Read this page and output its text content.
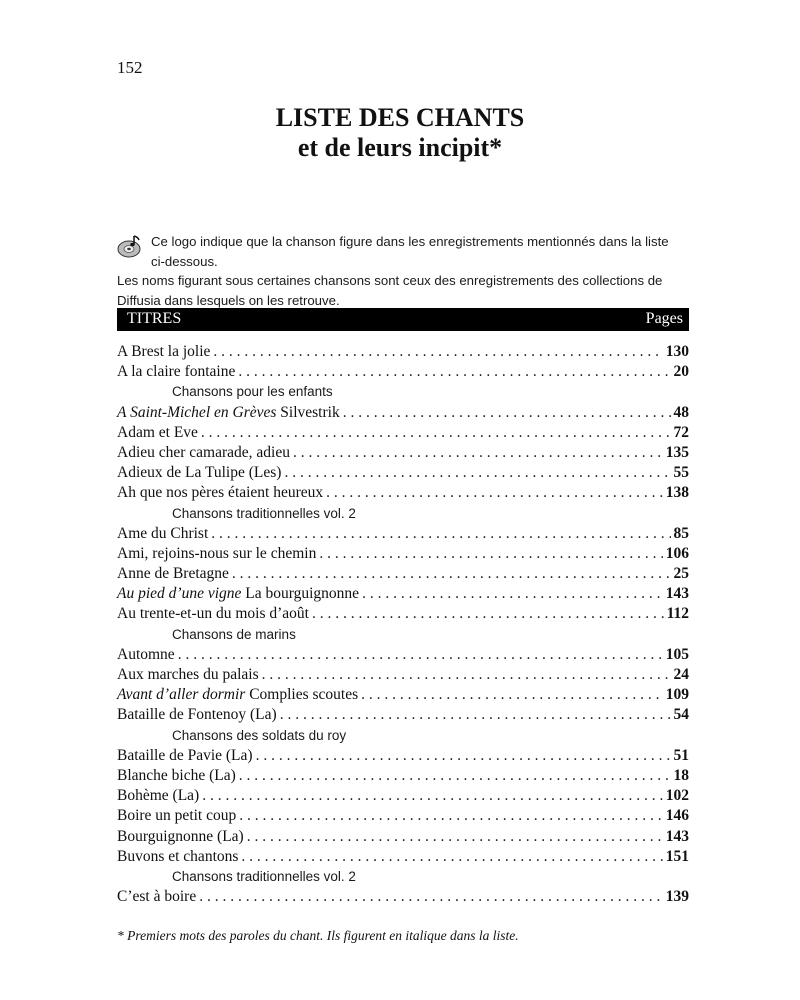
152
LISTE DES CHANTS
et de leurs incipit*
Ce logo indique que la chanson figure dans les enregistrements mentionnés dans la liste
ci-dessous.
Les noms figurant sous certaines chansons sont ceux des enregistrements des collections de
Diffusia dans lesquels on les retrouve.
TITRES	Pages
A Brest la jolie . . .	130
A la claire fontaine . . .	20
Chansons pour les enfants
A Saint-Michel en Grèves Silvestrik . . .	48
Adam et Eve . . .	72
Adieu cher camarade, adieu . . .	135
Adieux de La Tulipe (Les) . . .	55
Ah que nos pères étaient heureux . . .	138
Chansons traditionnelles vol. 2
Ame du Christ . . .	85
Ami, rejoins-nous sur le chemin . . .	106
Anne de Bretagne . . .	25
Au pied d’une vigne La bourguignonne . . .	143
Au trente-et-un du mois d’août . . .	112
Chansons de marins
Automne . . .	105
Aux marches du palais . . .	24
Avant d’aller dormir Complies scoutes . . .	109
Bataille de Fontenoy (La) . . .	54
Chansons des soldats du roy
Bataille de Pavie (La) . . .	51
Blanche biche (La) . . .	18
Bohème (La) . . .	102
Boire un petit coup . . .	146
Bourguignonne (La) . . .	143
Buvons et chantons . . .	151
Chansons traditionnelles vol. 2
C’est à boire . . .	139
* Premiers mots des paroles du chant. Ils figurent en italique dans la liste.
